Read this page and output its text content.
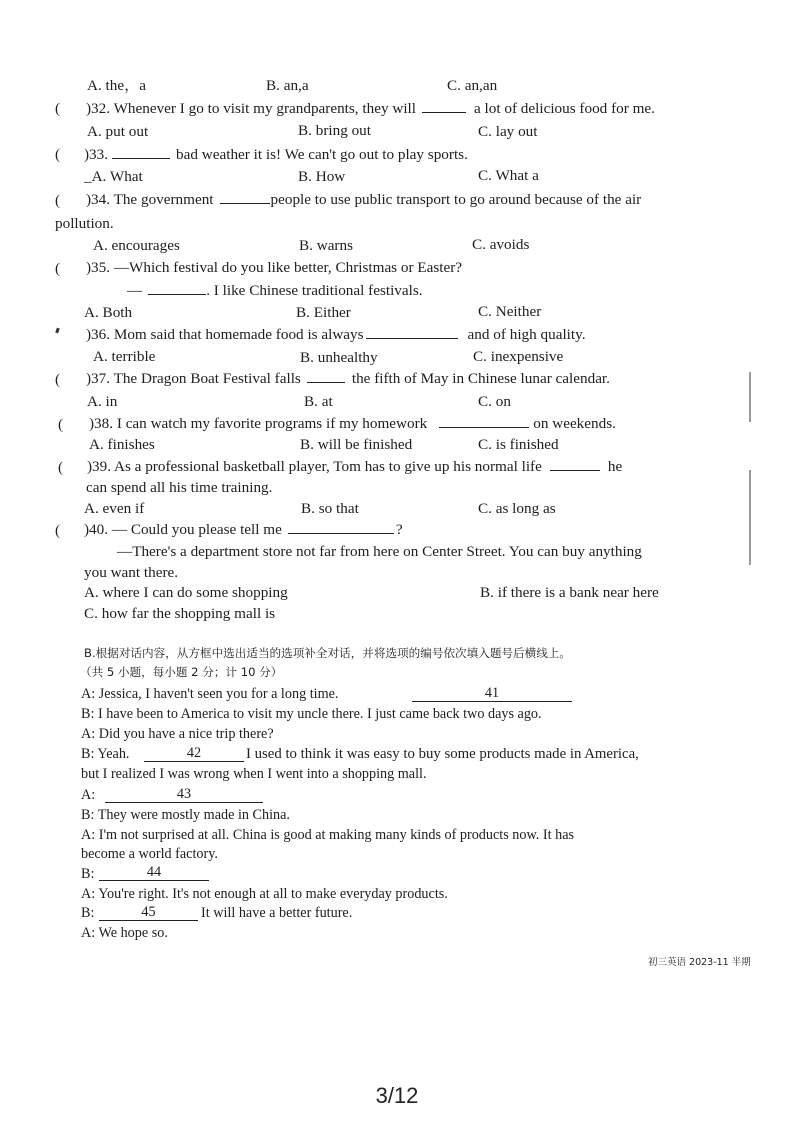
A. the，a	B. an,a	C. an,an
( )32. Whenever I go to visit my grandparents, they will	a lot of delicious food for me.
A. put out	B. bring out	C. lay out
( )33.	bad weather it is! We can't go out to play sports.
_A. What	B. How	C. What a
( )34. The government	people to use public transport to go around because of the air
pollution.
A. encourages	B. warns	C. avoids
( )35. —Which festival do you like better, Christmas or Easter?
—	. I like Chinese traditional festivals.
A. Both	B. Either	C. Neither
)36. Mom said that homemade food is always	and of high quality.
A. terrible	B. unhealthy	C. inexpensive
( )37. The Dragon Boat Festival falls	the fifth of May in Chinese lunar calendar.
A. in	B. at	C. on
( )38. I can watch my favorite programs if my homework	on weekends.
A. finishes	B. will be finished	C. is finished
( )39. As a professional basketball player, Tom has to give up his normal life	he
can spend all his time training.
A. even if	B. so that	C. as long as
( )40. — Could you please tell me	?
—There's a department store not far from here on Center Street. You can buy anything
you want there.
A. where I can do some shopping	B. if there is a bank near here
C. how far the shopping mall is
B.根据对话内容，从方框中选出适当的选项补全对话，并将选项的编号依次填入题号后横线上。
（共 5 小题，每小题 2 分；计 10 分）
A: Jessica, I haven't seen you for a long time.	41
B: I have been to America to visit my uncle there. I just came back two days ago.
A: Did you have a nice trip there?
B: Yeah.	42	I used to think it was easy to buy some products made in America,
but I realized I was wrong when I went into a shopping mall.
A:	43
B: They were mostly made in China.
A: I'm not surprised at all. China is good at making many kinds of products now. It has
become a world factory.
B:	44
A: You're right. It's not enough at all to make everyday products.
B:	45	It will have a better future.
A: We hope so.
初三英语 2023-11 半期
3/12
